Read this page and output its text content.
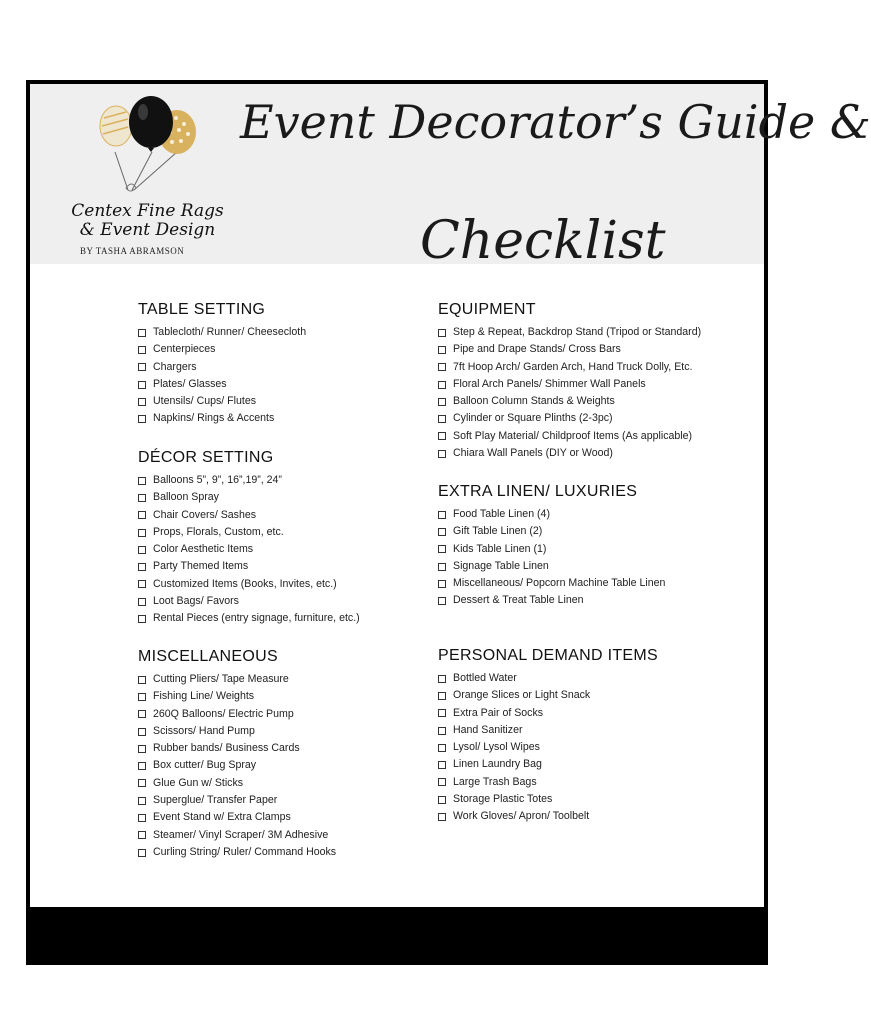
Centex Fine Rags
& Event Design
BY TASHA ABRAMSON
Event Decorator’s Guide &
Checklist
TABLE SETTING
Tablecloth/ Runner/ Cheesecloth
Centerpieces
Chargers
Plates/ Glasses
Utensils/ Cups/ Flutes
Napkins/ Rings & Accents
DÉCOR SETTING
Balloons 5”, 9”, 16”,19”, 24”
Balloon Spray
Chair Covers/ Sashes
Props, Florals, Custom, etc.
Color Aesthetic Items
Party Themed Items
Customized Items (Books, Invites, etc.)
Loot Bags/ Favors
Rental Pieces (entry signage, furniture, etc.)
MISCELLANEOUS
Cutting Pliers/ Tape Measure
Fishing Line/ Weights
260Q Balloons/ Electric Pump
Scissors/ Hand Pump
Rubber bands/ Business Cards
Box cutter/ Bug Spray
Glue Gun w/ Sticks
Superglue/ Transfer Paper
Event Stand w/ Extra Clamps
Steamer/ Vinyl Scraper/ 3M Adhesive
Curling String/ Ruler/ Command Hooks
EQUIPMENT
Step & Repeat, Backdrop Stand (Tripod or Standard)
Pipe and Drape Stands/ Cross Bars
7ft Hoop Arch/ Garden Arch, Hand Truck Dolly, Etc.
Floral Arch Panels/ Shimmer Wall Panels
Balloon Column Stands & Weights
Cylinder or Square Plinths (2-3pc)
Soft Play Material/ Childproof Items (As applicable)
Chiara Wall Panels (DIY or Wood)
EXTRA LINEN/ LUXURIES
Food Table Linen (4)
Gift Table Linen (2)
Kids Table Linen (1)
Signage Table Linen
Miscellaneous/ Popcorn Machine Table Linen
Dessert & Treat Table Linen
PERSONAL DEMAND ITEMS
Bottled Water
Orange Slices or Light Snack
Extra Pair of Socks
Hand Sanitizer
Lysol/ Lysol Wipes
Linen Laundry Bag
Large Trash Bags
Storage Plastic Totes
Work Gloves/ Apron/ Toolbelt
